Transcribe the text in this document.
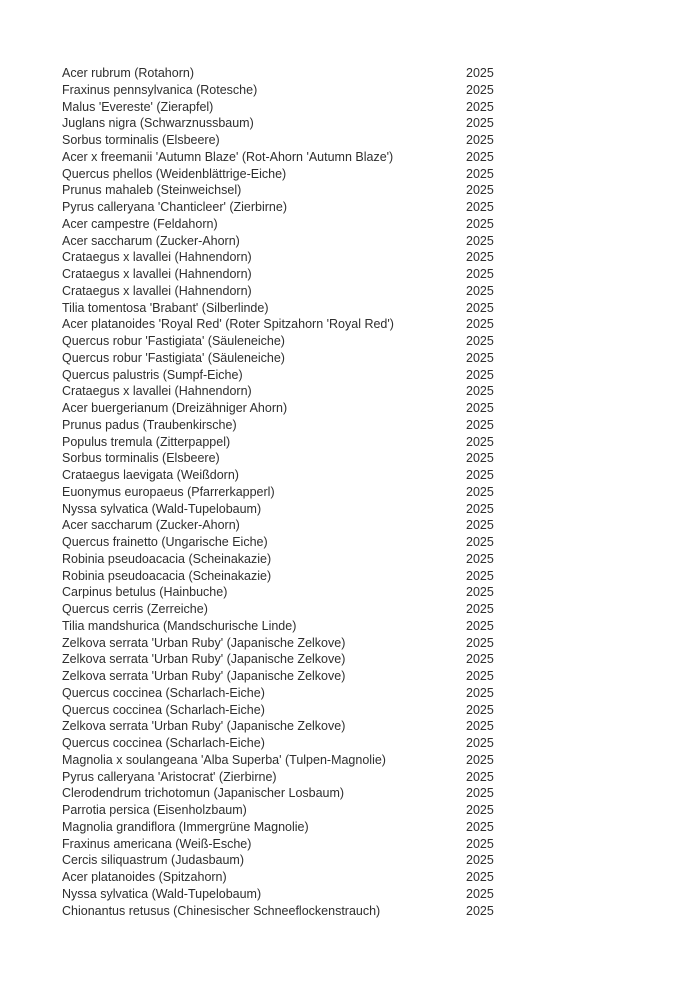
Acer rubrum (Rotahorn)	2025
Fraxinus pennsylvanica (Rotesche)	2025
Malus 'Evereste' (Zierapfel)	2025
Juglans nigra (Schwarznussbaum)	2025
Sorbus torminalis (Elsbeere)	2025
Acer x freemanii 'Autumn Blaze' (Rot-Ahorn 'Autumn Blaze')	2025
Quercus phellos (Weidenblättrige-Eiche)	2025
Prunus mahaleb (Steinweichsel)	2025
Pyrus calleryana 'Chanticleer' (Zierbirne)	2025
Acer campestre (Feldahorn)	2025
Acer saccharum (Zucker-Ahorn)	2025
Crataegus x lavallei (Hahnendorn)	2025
Crataegus x lavallei (Hahnendorn)	2025
Crataegus x lavallei (Hahnendorn)	2025
Tilia tomentosa 'Brabant' (Silberlinde)	2025
Acer platanoides 'Royal Red' (Roter Spitzahorn 'Royal Red')	2025
Quercus robur 'Fastigiata' (Säuleneiche)	2025
Quercus robur 'Fastigiata' (Säuleneiche)	2025
Quercus palustris (Sumpf-Eiche)	2025
Crataegus x lavallei (Hahnendorn)	2025
Acer buergerianum (Dreizähniger Ahorn)	2025
Prunus padus (Traubenkirsche)	2025
Populus tremula (Zitterpappel)	2025
Sorbus torminalis (Elsbeere)	2025
Crataegus laevigata (Weißdorn)	2025
Euonymus europaeus (Pfarrerkapperl)	2025
Nyssa sylvatica (Wald-Tupelobaum)	2025
Acer saccharum (Zucker-Ahorn)	2025
Quercus frainetto (Ungarische Eiche)	2025
Robinia pseudoacacia (Scheinakazie)	2025
Robinia pseudoacacia (Scheinakazie)	2025
Carpinus betulus (Hainbuche)	2025
Quercus cerris (Zerreiche)	2025
Tilia mandshurica (Mandschurische Linde)	2025
Zelkova serrata 'Urban Ruby' (Japanische Zelkove)	2025
Zelkova serrata 'Urban Ruby' (Japanische Zelkove)	2025
Zelkova serrata 'Urban Ruby' (Japanische Zelkove)	2025
Quercus coccinea (Scharlach-Eiche)	2025
Quercus coccinea (Scharlach-Eiche)	2025
Zelkova serrata 'Urban Ruby' (Japanische Zelkove)	2025
Quercus coccinea (Scharlach-Eiche)	2025
Magnolia x soulangeana 'Alba Superba' (Tulpen-Magnolie)	2025
Pyrus calleryana 'Aristocrat' (Zierbirne)	2025
Clerodendrum trichotomun (Japanischer Losbaum)	2025
Parrotia persica (Eisenholzbaum)	2025
Magnolia grandiflora (Immergrüne Magnolie)	2025
Fraxinus americana (Weiß-Esche)	2025
Cercis siliquastrum (Judasbaum)	2025
Acer platanoides (Spitzahorn)	2025
Nyssa sylvatica (Wald-Tupelobaum)	2025
Chionantus retusus (Chinesischer Schneeflockenstrauch)	2025
